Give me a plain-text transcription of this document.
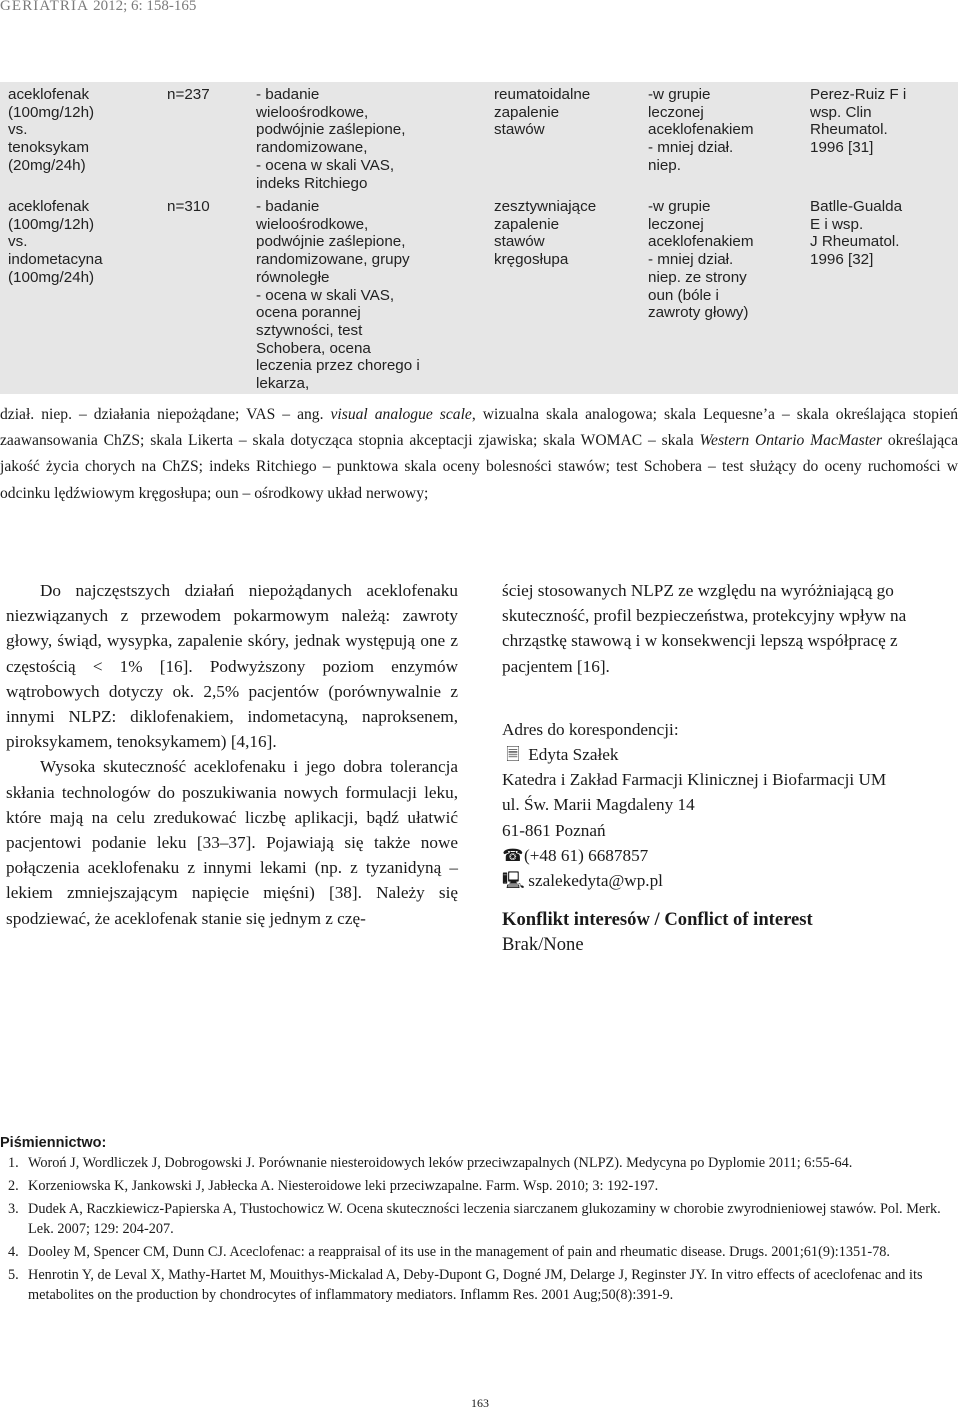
GERIATRIA 2012; 6: 158-165
aceklofenak
(100mg/12h)
vs.
tenoksykam
(20mg/24h)
n=237	- badanie
wieloośrodkowe,
podwójnie zaślepione,
randomizowane,
- ocena w skali VAS,
indeks Ritchiego
reumatoidalne
zapalenie
stawów
-w grupie
leczonej
aceklofenakiem
- mniej dział.
niep.
Perez-Ruiz F i
wsp. Clin
Rheumatol.
1996 [31]
aceklofenak
(100mg/12h)
vs.
indometacyna
(100mg/24h)
n=310	- badanie
wieloośrodkowe,
podwójnie zaślepione,
randomizowane, grupy
równoległe
- ocena w skali VAS,
ocena porannej
sztywności, test
Schobera, ocena
leczenia przez chorego i
lekarza,
zesztywniające
zapalenie
stawów
kręgosłupa
-w grupie
leczonej
aceklofenakiem
- mniej dział.
niep. ze strony
oun (bóle i
zawroty głowy)
Batlle-Gualda
E i wsp.
J Rheumatol.
1996 [32]
dział. niep. – działania niepożądane; VAS – ang. visual analogue scale, wizualna skala analogowa; skala Lequesne’a – skala określająca stopień zaawansowania ChZS; skala Likerta – skala dotycząca stopnia akceptacji zjawiska; skala WOMAC – skala Western Ontario MacMaster określająca jakość życia chorych na ChZS; indeks Ritchiego – punktowa skala oceny bolesności stawów; test Schobera – test służący do oceny ruchomości w odcinku lędźwiowym kręgosłupa; oun – ośrodkowy układ nerwowy;

Do najczęstszych działań niepożądanych aceklofenaku niezwiązanych z przewodem pokarmowym należą: zawroty głowy, świąd, wysypka, zapalenie skóry, jednak występują one z częstością < 1% [16]. Podwyższony poziom enzymów wątrobowych dotyczy ok. 2,5% pacjentów (porównywalnie z innymi NLPZ: diklofenakiem, indometacyną, naproksenem, piroksykamem, tenoksykamem) [4,16].

Wysoka skuteczność aceklofenaku i jego dobra tolerancja skłania technologów do poszukiwania nowych formulacji leku, które mają na celu zredukować liczbę aplikacji, bądź ułatwić pacjentowi podanie leku [33–37]. Pojawiają się także nowe połączenia aceklofenaku z innymi lekami (np. z tyzanidyną – lekiem zmniejszającym napięcie mięśni) [38]. Należy się spodziewać, że aceklofenak stanie się jednym z czę-

ściej stosowanych NLPZ ze względu na wyróżniającą go skuteczność, profil bezpieczeństwa, protekcyjny wpływ na chrząstkę stawową i w konsekwencji lepszą współpracę z pacjentem [16].

Adres do korespondencji:

🗏 Edyta Szałek

Katedra i Zakład Farmacji Klinicznej i Biofarmacji UM

ul. Św. Marii Magdaleny 14

61-861 Poznań

☎(+48 61) 6687857

🖳 szalekedyta@wp.pl

Konflikt interesów / Conflict of interest

Brak/None

Piśmiennictwo:
1. Woroń J, Wordliczek J, Dobrogowski J. Porównanie niesteroidowych leków przeciwzapalnych (NLPZ). Medycyna po Dyplomie 2011; 6:55-64.
2. Korzeniowska K, Jankowski J, Jabłecka A. Niesteroidowe leki przeciwzapalne. Farm. Wsp. 2010; 3: 192-197.
3. Dudek A, Raczkiewicz-Papierska A, Tłustochowicz W. Ocena skuteczności leczenia siarczanem glukozaminy w chorobie zwyrodnieniowej stawów. Pol. Merk. Lek. 2007; 129: 204-207.
4. Dooley M, Spencer CM, Dunn CJ. Aceclofenac: a reappraisal of its use in the management of pain and rheumatic disease. Drugs. 2001;61(9):1351-78.
5. Henrotin Y, de Leval X, Mathy-Hartet M, Mouithys-Mickalad A, Deby-Dupont G, Dogné JM, Delarge J, Reginster JY. In vitro effects of aceclofenac and its metabolites on the production by chondrocytes of inflammatory mediators. Inflamm Res. 2001 Aug;50(8):391-9.
163
